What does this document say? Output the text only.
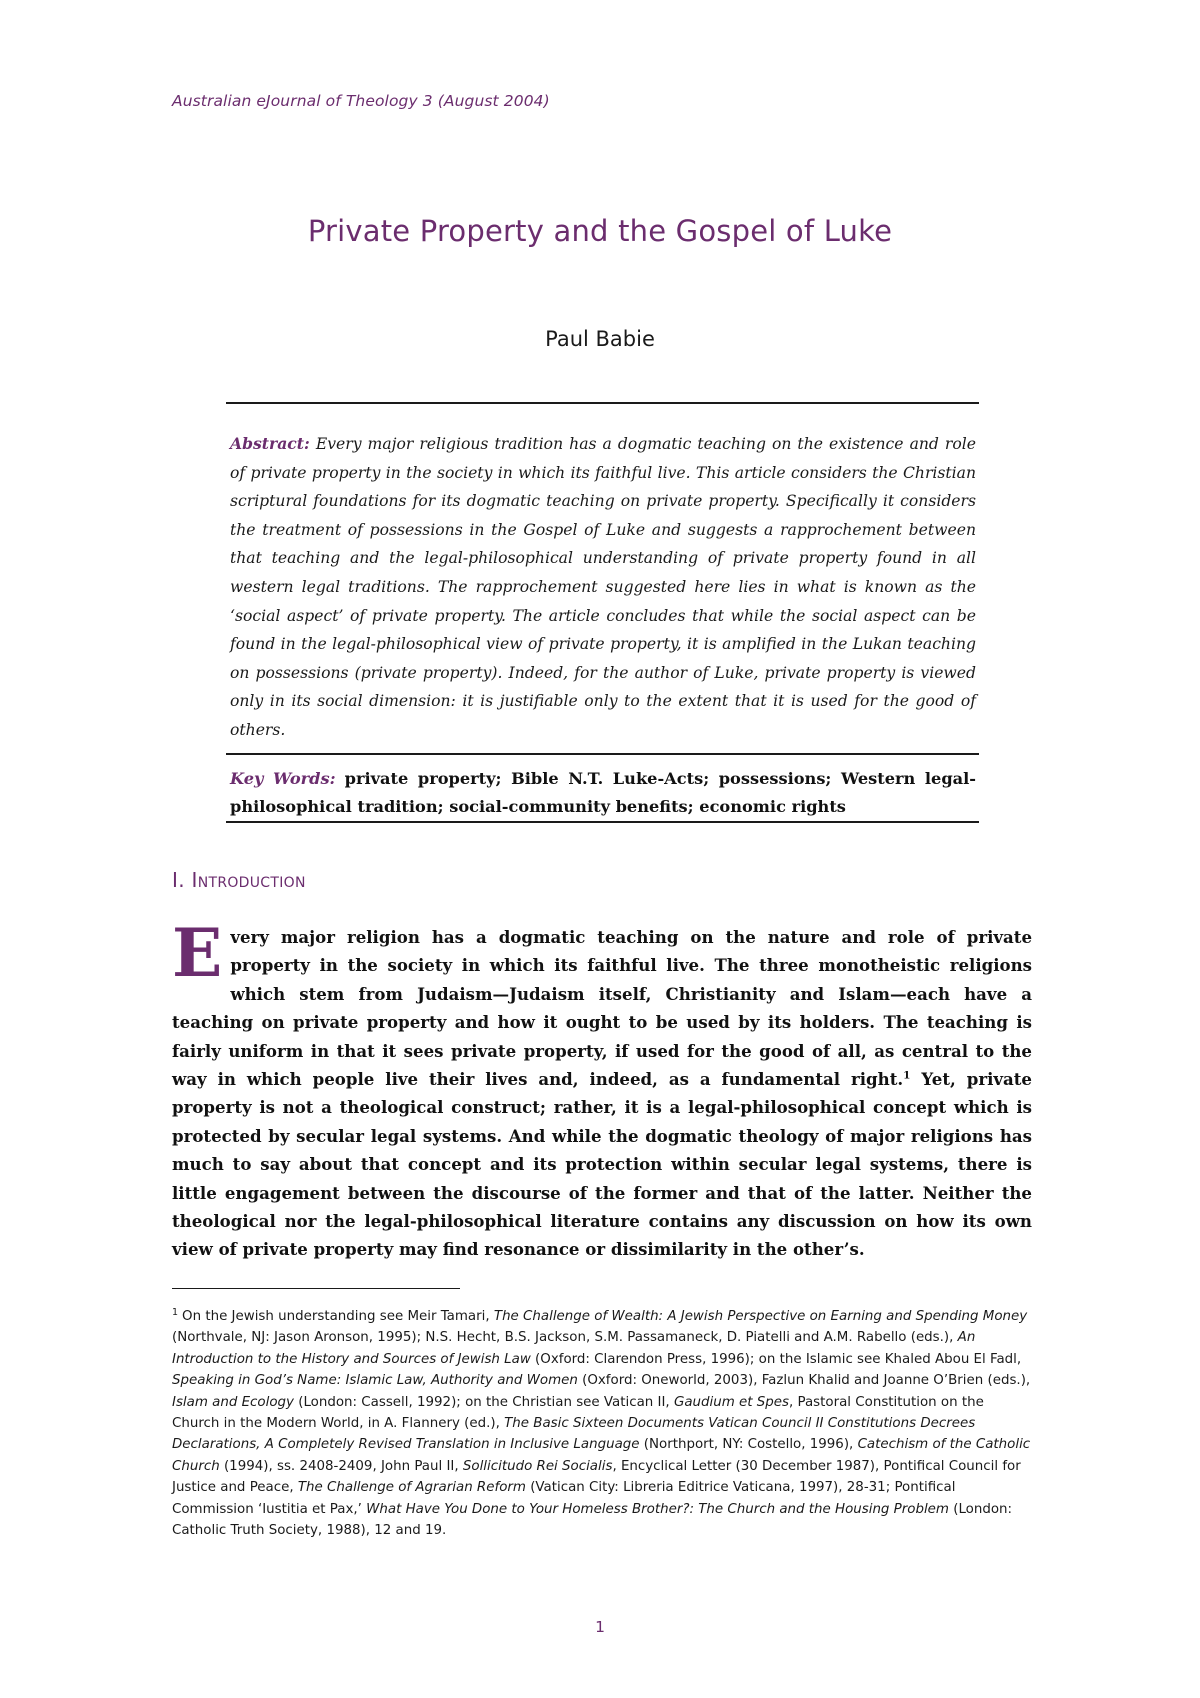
Australian eJournal of Theology 3 (August 2004)
Private Property and the Gospel of Luke
Paul Babie
Abstract: Every major religious tradition has a dogmatic teaching on the existence and role of private property in the society in which its faithful live. This article considers the Christian scriptural foundations for its dogmatic teaching on private property. Specifically it considers the treatment of possessions in the Gospel of Luke and suggests a rapprochement between that teaching and the legal-philosophical understanding of private property found in all western legal traditions. The rapprochement suggested here lies in what is known as the ‘social aspect’ of private property. The article concludes that while the social aspect can be found in the legal-philosophical view of private property, it is amplified in the Lukan teaching on possessions (private property). Indeed, for the author of Luke, private property is viewed only in its social dimension: it is justifiable only to the extent that it is used for the good of others.
Key Words: private property; Bible N.T. Luke-Acts; possessions; Western legal-philosophical tradition; social-community benefits; economic rights
I. Introduction
Every major religion has a dogmatic teaching on the nature and role of private property in the society in which its faithful live. The three monotheistic religions which stem from Judaism—Judaism itself, Christianity and Islam—each have a teaching on private property and how it ought to be used by its holders. The teaching is fairly uniform in that it sees private property, if used for the good of all, as central to the way in which people live their lives and, indeed, as a fundamental right.$^1$ Yet, private property is not a theological construct; rather, it is a legal-philosophical concept which is protected by secular legal systems. And while the dogmatic theology of major religions has much to say about that concept and its protection within secular legal systems, there is little engagement between the discourse of the former and that of the latter. Neither the theological nor the legal-philosophical literature contains any discussion on how its own view of private property may find resonance or dissimilarity in the other’s.
$^1$ On the Jewish understanding see Meir Tamari, The Challenge of Wealth: A Jewish Perspective on Earning and Spending Money (Northvale, NJ: Jason Aronson, 1995); N.S. Hecht, B.S. Jackson, S.M. Passamaneck, D. Piatelli and A.M. Rabello (eds.), An Introduction to the History and Sources of Jewish Law (Oxford: Clarendon Press, 1996); on the Islamic see Khaled Abou El Fadl, Speaking in God’s Name: Islamic Law, Authority and Women (Oxford: Oneworld, 2003), Fazlun Khalid and Joanne O’Brien (eds.), Islam and Ecology (London: Cassell, 1992); on the Christian see Vatican II, Gaudium et Spes, Pastoral Constitution on the Church in the Modern World, in A. Flannery (ed.), The Basic Sixteen Documents Vatican Council II Constitutions Decrees Declarations, A Completely Revised Translation in Inclusive Language (Northport, NY: Costello, 1996), Catechism of the Catholic Church (1994), ss. 2408-2409, John Paul II, Sollicitudo Rei Socialis, Encyclical Letter (30 December 1987), Pontifical Council for Justice and Peace, The Challenge of Agrarian Reform (Vatican City: Libreria Editrice Vaticana, 1997), 28-31; Pontifical Commission ‘Iustitia et Pax,’ What Have You Done to Your Homeless Brother?: The Church and the Housing Problem (London: Catholic Truth Society, 1988), 12 and 19.
1
